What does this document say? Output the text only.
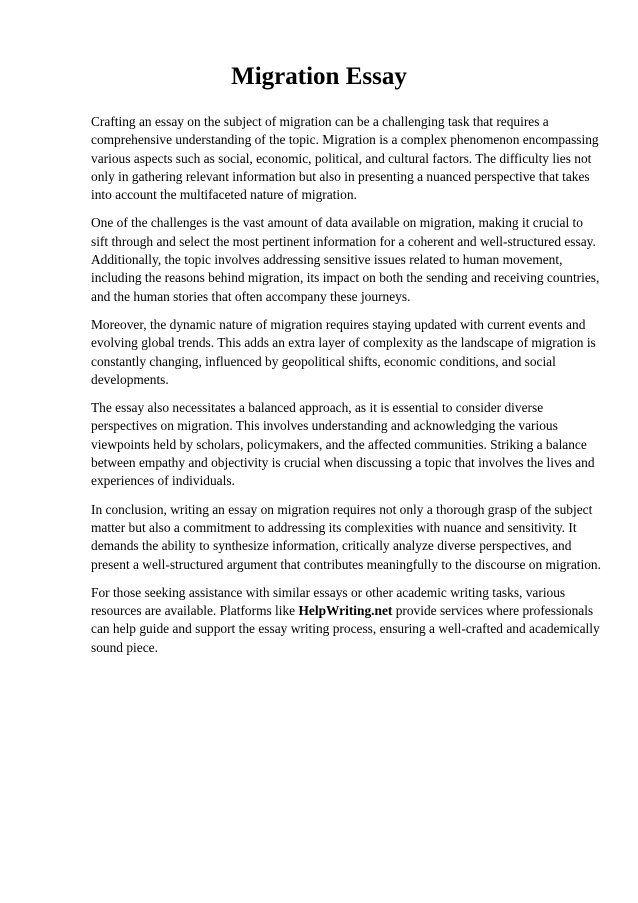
Migration Essay

Crafting an essay on the subject of migration can be a challenging task that requires a comprehensive understanding of the topic. Migration is a complex phenomenon encompassing various aspects such as social, economic, political, and cultural factors. The difficulty lies not only in gathering relevant information but also in presenting a nuanced perspective that takes into account the multifaceted nature of migration.

One of the challenges is the vast amount of data available on migration, making it crucial to sift through and select the most pertinent information for a coherent and well-structured essay. Additionally, the topic involves addressing sensitive issues related to human movement, including the reasons behind migration, its impact on both the sending and receiving countries, and the human stories that often accompany these journeys.

Moreover, the dynamic nature of migration requires staying updated with current events and evolving global trends. This adds an extra layer of complexity as the landscape of migration is constantly changing, influenced by geopolitical shifts, economic conditions, and social developments.

The essay also necessitates a balanced approach, as it is essential to consider diverse perspectives on migration. This involves understanding and acknowledging the various viewpoints held by scholars, policymakers, and the affected communities. Striking a balance between empathy and objectivity is crucial when discussing a topic that involves the lives and experiences of individuals.

In conclusion, writing an essay on migration requires not only a thorough grasp of the subject matter but also a commitment to addressing its complexities with nuance and sensitivity. It demands the ability to synthesize information, critically analyze diverse perspectives, and present a well-structured argument that contributes meaningfully to the discourse on migration.

For those seeking assistance with similar essays or other academic writing tasks, various resources are available. Platforms like HelpWriting.net provide services where professionals can help guide and support the essay writing process, ensuring a well-crafted and academically sound piece.
